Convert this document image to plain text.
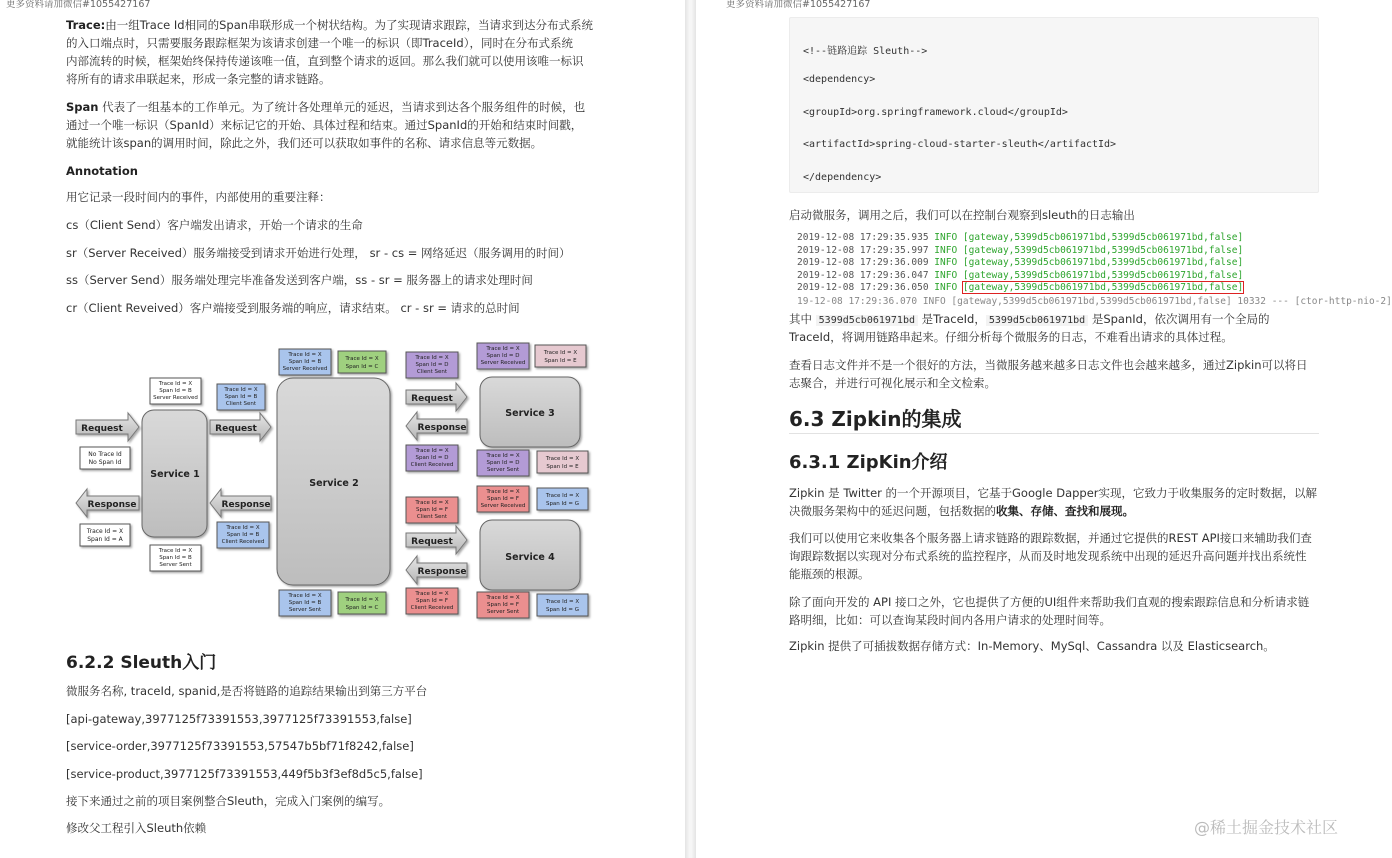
更多资料请加微信#1055427167
Trace:由一组Trace Id相同的Span串联形成一个树状结构。为了实现请求跟踪，当请求到达分布式系统
的入口端点时，只需要服务跟踪框架为该请求创建一个唯一的标识（即TraceId），同时在分布式系统
内部流转的时候，框架始终保持传递该唯一值，直到整个请求的返回。那么我们就可以使用该唯一标识
将所有的请求串联起来，形成一条完整的请求链路。
Span 代表了一组基本的工作单元。为了统计各处理单元的延迟，当请求到达各个服务组件的时候，也
通过一个唯一标识（SpanId）来标记它的开始、具体过程和结束。通过SpanId的开始和结束时间戳，
就能统计该span的调用时间，除此之外，我们还可以获取如事件的名称、请求信息等元数据。
Annotation
用它记录一段时间内的事件，内部使用的重要注释：
cs（Client Send）客户端发出请求，开始一个请求的生命
sr（Server Received）服务端接受到请求开始进行处理， sr - cs = 网络延迟（服务调用的时间）
ss（Server Send）服务端处理完毕准备发送到客户端，ss - sr = 服务器上的请求处理时间
cr（Client Reveived）客户端接受到服务端的响应，请求结束。 cr - sr = 请求的总时间
Service 1
Service 2
Service 3
Service 4
Request	Request
Request
Request
Response	Response
Response
Response
No Trace Id
No Span Id
Trace Id = X
Span Id = A
Trace Id = X
Span Id = B
Server Received
Trace Id = X
Span Id = B
Server Sent
Trace Id = X
Span Id = B
Client Sent
Trace Id = X
Span Id = B
Client Received
Trace Id = X
Span Id = B
Server Received
Trace Id = X
Span Id = C
Trace Id = X
Span Id = B
Server Sent
Trace Id = X
Span Id = C
Trace Id = X
Span Id = D
Client Sent
Trace Id = X
Span Id = D
Server Received
Trace Id = X
Span Id = E
Trace Id = X
Span Id = D
Client Received
Trace Id = X
Span Id = D
Server Sent
Trace Id = X
Span Id = E
Trace Id = X
Span Id = F
Client Sent
Trace Id = X
Span Id = F
Server Received
Trace Id = X
Span Id = G
Trace Id = X
Span Id = F
Client Received
Trace Id = X
Span Id = F
Server Sent
Trace Id = X
Span Id = G
6.2.2 Sleuth入门
微服务名称, traceId, spanid,是否将链路的追踪结果输出到第三方平台
[api-gateway,3977125f73391553,3977125f73391553,false]
[service-order,3977125f73391553,57547b5bf71f8242,false]
[service-product,3977125f73391553,449f5b3f3ef8d5c5,false]
接下来通过之前的项目案例整合Sleuth，完成入门案例的编写。
修改父工程引入Sleuth依赖
更多资料请加微信#1055427167
<!--链路追踪 Sleuth-->
<dependency>
<groupId>org.springframework.cloud</groupId>
<artifactId>spring-cloud-starter-sleuth</artifactId>
</dependency>
启动微服务，调用之后，我们可以在控制台观察到sleuth的日志输出
2019-12-08 17:29:35.935 INFO [gateway,5399d5cb061971bd,5399d5cb061971bd,false]
2019-12-08 17:29:35.997 INFO [gateway,5399d5cb061971bd,5399d5cb061971bd,false]
2019-12-08 17:29:36.009 INFO [gateway,5399d5cb061971bd,5399d5cb061971bd,false]
2019-12-08 17:29:36.047 INFO [gateway,5399d5cb061971bd,5399d5cb061971bd,false]
2019-12-08 17:29:36.050 INFO [gateway,5399d5cb061971bd,5399d5cb061971bd,false]
19-12-08 17:29:36.070 INFO [gateway,5399d5cb061971bd,5399d5cb061971bd,false] 10332 --- [ctor-http-nio-2]
其中 5399d5cb061971bd 是TraceId， 5399d5cb061971bd 是SpanId，依次调用有一个全局的
TraceId，将调用链路串起来。仔细分析每个微服务的日志，不难看出请求的具体过程。
查看日志文件并不是一个很好的方法，当微服务越来越多日志文件也会越来越多，通过Zipkin可以将日
志聚合，并进行可视化展示和全文检索。
6.3 Zipkin的集成
6.3.1 ZipKin介绍
Zipkin 是 Twitter 的一个开源项目，它基于Google Dapper实现，它致力于收集服务的定时数据，以解
决微服务架构中的延迟问题，包括数据的收集、存储、查找和展现。
我们可以使用它来收集各个服务器上请求链路的跟踪数据，并通过它提供的REST API接口来辅助我们查
询跟踪数据以实现对分布式系统的监控程序，从而及时地发现系统中出现的延迟升高问题并找出系统性
能瓶颈的根源。
除了面向开发的 API 接口之外，它也提供了方便的UI组件来帮助我们直观的搜索跟踪信息和分析请求链
路明细，比如：可以查询某段时间内各用户请求的处理时间等。
Zipkin 提供了可插拔数据存储方式：In-Memory、MySql、Cassandra 以及 Elasticsearch。
@稀土掘金技术社区
